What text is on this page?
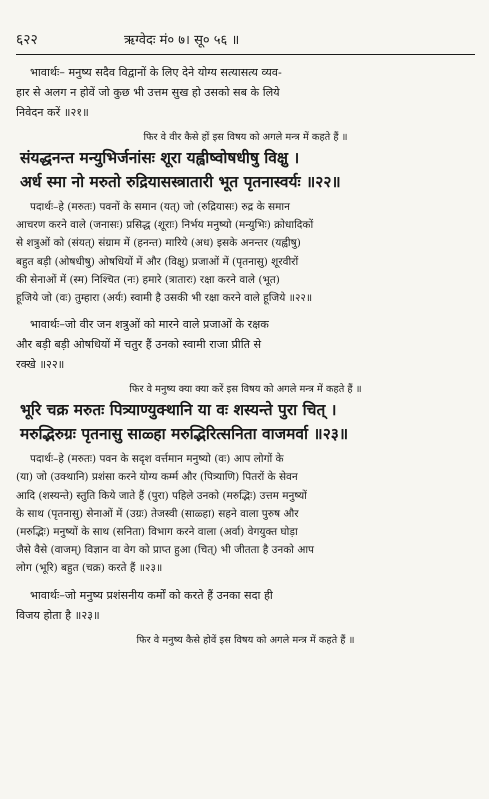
६२२	ऋग्वेदः मं० ७। सू० ५६ ॥
भावार्थः– मनुष्य सदैव विद्वानों के लिए देने योग्य सत्यासत्य व्यव-
हार से अलग न होवें जो कुछ भी उत्तम सुख हो उसको सब के लिये
निवेदन करें ॥२१॥
फिर वे वीर कैसे हों इस विषय को अगले मन्त्र में कहते हैं ॥
संयद्धनन्त मन्युभिर्जनांसः शूरा यह्वीष्वोषधीषु विक्षु ।
अर्ध स्मा नो मरुतो रुद्रियासस्त्रातारी भूत पृतनास्वर्यः ॥२२॥
पदार्थः–हे (मरुतः) पवनों के समान (यत्) जो (रुद्रियासः) रुद्र के समान
आचरण करने वाले (जनासः) प्रसिद्ध (शूराः) निर्भय मनुष्यो (मन्युभिः) क्रोधादिकों
से शत्रुओं को (संयत्) संग्राम में (हनन्त) मारिये (अध) इसके अनन्तर (यह्वीषु)
बहुत बड़ी (ओषधीषु) ओषधियों में और (विक्षु) प्रजाओं में (पृतनासु) शूरवीरों
की सेनाओं में (स्म) निश्चित (नः) हमारे (त्रातारः) रक्षा करने वाले (भूत)
हूजिये जो (वः) तुम्हारा (अर्यः) स्वामी है उसकी भी रक्षा करने वाले हूजिये ॥२२॥
भावार्थः–जो वीर जन शत्रुओं को मारने वाले प्रजाओं के रक्षक
और बड़ी बड़ी ओषधियों में चतुर हैं उनको स्वामी राजा प्रीति से
रक्खे ॥२२॥
फिर वे मनुष्य क्या क्या करें इस विषय को अगले मन्त्र में कहते हैं ॥
भूरि चक्र मरुतः पित्र्याण्युक्थानि या वः शस्यन्ते पुरा चित् ।
मरुद्भिरुग्रः पृतनासु साळ्हा मरुद्भिरित्सनिता वाजमर्वा ॥२३॥
पदार्थः–हे (मरुतः) पवन के सदृश वर्त्तमान मनुष्यो (वः) आप लोगों के
(या) जो (उक्थानि) प्रशंसा करने योग्य कर्म्म और (पित्र्याणि) पितरों के सेवन
आदि (शस्यन्ते) स्तुति किये जाते हैं (पुरा) पहिले उनको (मरुद्भिः) उत्तम मनुष्यों
के साथ (पृतनासु) सेनाओं में (उग्रः) तेजस्वी (साळ्हा) सहने वाला पुरुष और
(मरुद्भिः) मनुष्यों के साथ (सनिता) विभाग करने वाला (अर्वा) वेगयुक्त घोड़ा
जैसे वैसे (वाजम्) विज्ञान वा वेग को प्राप्त हुआ (चित्) भी जीतता है उनको आप
लोग (भूरि) बहुत (चक्र) करते हैं ॥२३॥
भावार्थः–जो मनुष्य प्रशंसनीय कर्मों को करते हैं उनका सदा ही
विजय होता है ॥२३॥
फिर वे मनुष्य कैसे होवें इस विषय को अगले मन्त्र में कहते हैं ॥
